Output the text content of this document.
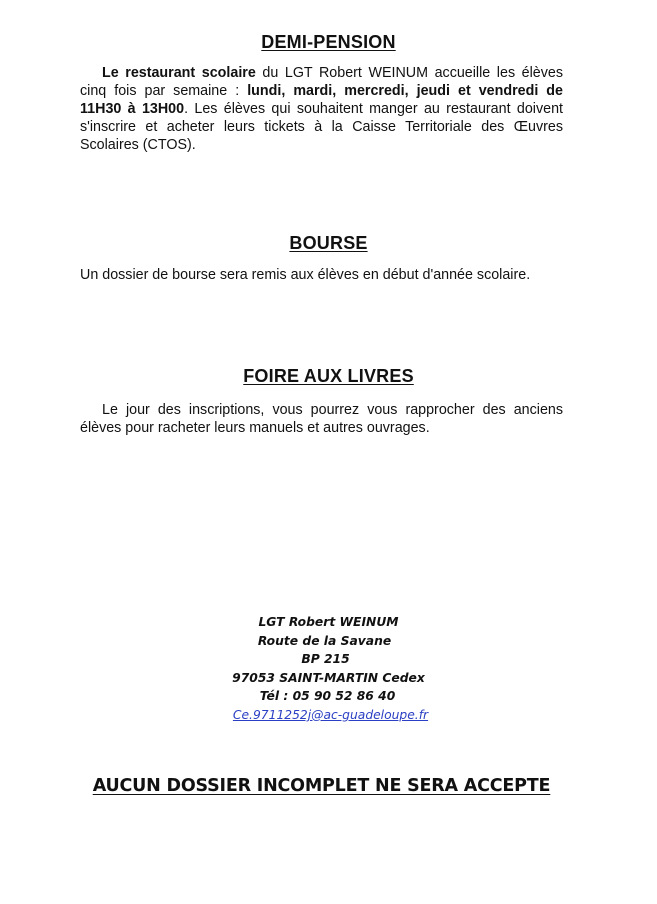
DEMI-PENSION

Le restaurant scolaire du LGT Robert WEINUM accueille les élèves cinq fois par semaine : lundi, mardi, mercredi, jeudi et vendredi de 11H30 à 13H00. Les élèves qui souhaitent manger au restaurant doivent s'inscrire et acheter leurs tickets à la Caisse Territoriale des Œuvres Scolaires (CTOS).

BOURSE

Un dossier de bourse sera remis aux élèves en début d'année scolaire.

FOIRE AUX LIVRES

Le jour des inscriptions, vous pourrez vous rapprocher des anciens élèves pour racheter leurs manuels et autres ouvrages.

LGT Robert WEINUM
Route de la Savane
BP 215
97053 SAINT-MARTIN Cedex
Tél : 05 90 52 86 40
Ce.9711252j@ac-guadeloupe.fr
AUCUN DOSSIER INCOMPLET NE SERA ACCEPTE
